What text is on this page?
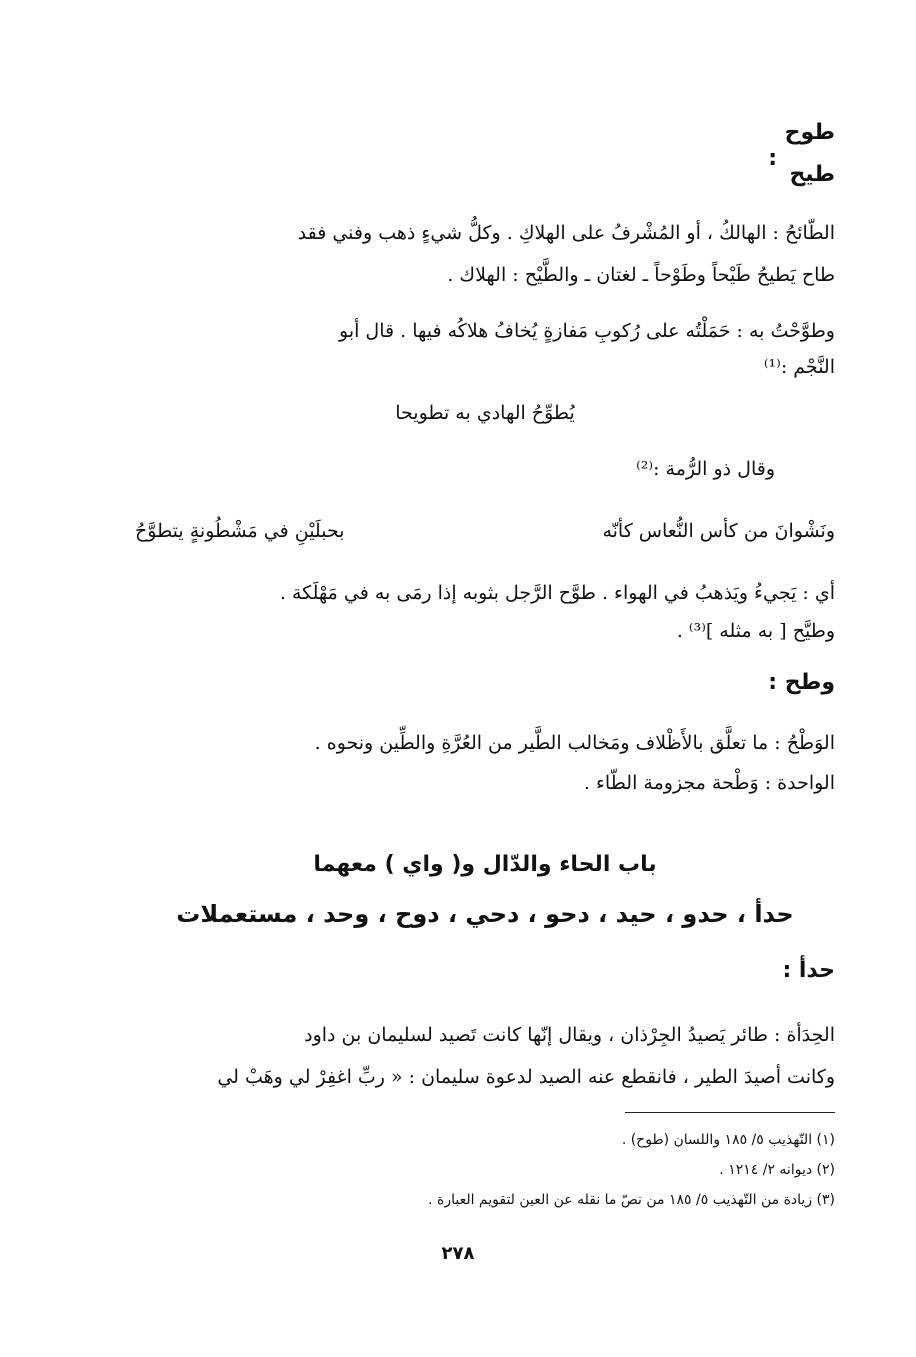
طوح
:
طيح
الطّائحُ : الهالكُ ، أو المُشْرفُ على الهلاكِ . وكلُّ شيءٍ ذهب وفني فقد
طاح يَطيحُ طَيْحاً وطَوْحاً ـ لغتان ـ والطَّيْح : الهلاك .
وطوَّحْتُ به : حَمَلْتُه على رُكوبِ مَفازةٍ يُخافُ هلاكُه فيها . قال أبو
النَّجْم :⁽¹⁾
يُطوِّحُ الهادي به تطويحا
وقال ذو الرُّمة :⁽²⁾
ونَشْوانَ من كأس النُّعاس كأنّه
بحبلَيْنِ في مَشْطُونةٍ يتطوَّحُ
أي : يَجيءُ ويَذهبُ في الهواء . طوَّح الرَّجل بثوبه إذا رمَى به في مَهْلَكة .
وطيَّح [ به مثله ]⁽³⁾ .
وطح :
الوَطْحُ : ما تعلَّق بالأَظْلاف ومَخالب الطَّير من العُرَّةِ والطِّين ونحوه .
الواحدة : وَطْحة مجزومة الطّاء .
باب الحاء والدّال و( واي ) معهما
حدأ ، حدو ، حيد ، دحو ، دحي ، دوح ، وحد ، مستعملات
حدأ :
الحِدَأة : طائر يَصيدُ الجِرْذان ، ويقال إنّها كانت تَصيد لسليمان بن داود
وكانت أصيدَ الطير ، فانقطع عنه الصيد لدعوة سليمان : « ربِّ اغفِرْ لي وهَبْ لي
(١) التّهذيب ٥/ ١٨٥ واللسان (طوح) .
(٢) ديوانه ٢/ ١٢١٤ .
(٣) زيادة من التّهذيب ٥/ ١٨٥ من نصّ ما نقله عن العين لتقويم العبارة .
٢٧٨
